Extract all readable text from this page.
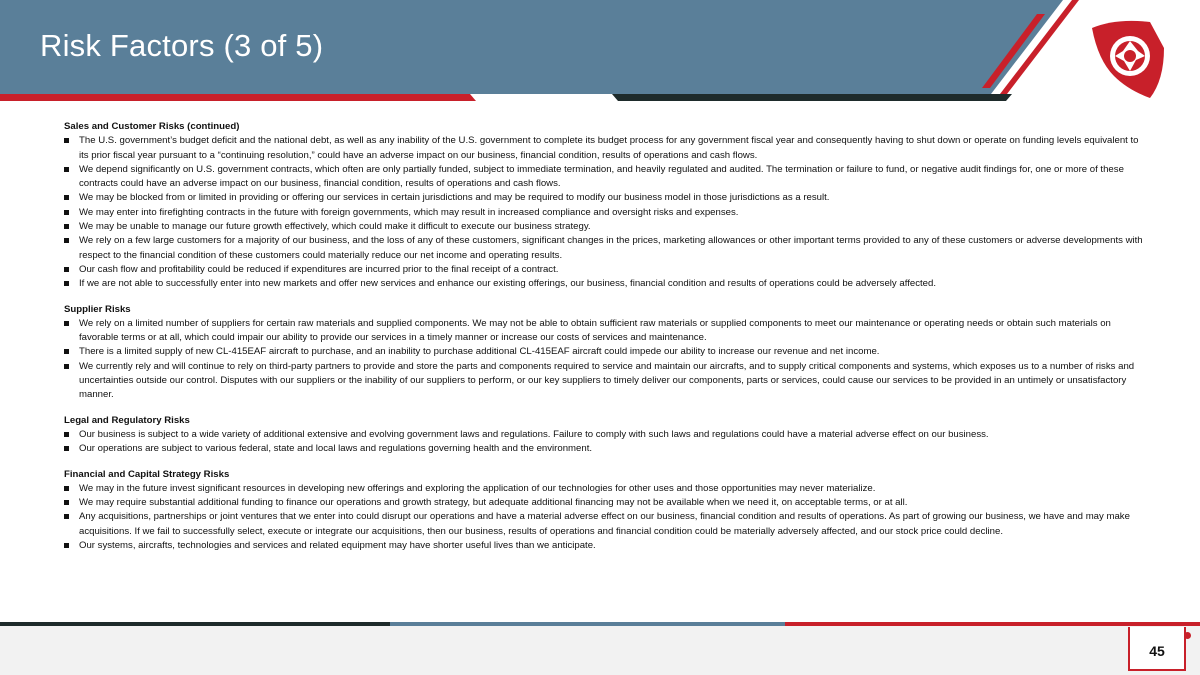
Risk Factors (3 of 5)

Sales and Customer Risks (continued)

The U.S. government’s budget deficit and the national debt, as well as any inability of the U.S. government to complete its budget process for any government fiscal year and consequently having to shut down or operate on funding levels equivalent to its prior fiscal year pursuant to a “continuing resolution,” could have an adverse impact on our business, financial condition, results of operations and cash flows.
We depend significantly on U.S. government contracts, which often are only partially funded, subject to immediate termination, and heavily regulated and audited. The termination or failure to fund, or negative audit findings for, one or more of these contracts could have an adverse impact on our business, financial condition, results of operations and cash flows.
We may be blocked from or limited in providing or offering our services in certain jurisdictions and may be required to modify our business model in those jurisdictions as a result.
We may enter into firefighting contracts in the future with foreign governments, which may result in increased compliance and oversight risks and expenses.
We may be unable to manage our future growth effectively, which could make it difficult to execute our business strategy.
We rely on a few large customers for a majority of our business, and the loss of any of these customers, significant changes in the prices, marketing allowances or other important terms provided to any of these customers or adverse developments with respect to the financial condition of these customers could materially reduce our net income and operating results.
Our cash flow and profitability could be reduced if expenditures are incurred prior to the final receipt of a contract.
If we are not able to successfully enter into new markets and offer new services and enhance our existing offerings, our business, financial condition and results of operations could be adversely affected.

Supplier Risks

We rely on a limited number of suppliers for certain raw materials and supplied components. We may not be able to obtain sufficient raw materials or supplied components to meet our maintenance or operating needs or obtain such materials on favorable terms or at all, which could impair our ability to provide our services in a timely manner or increase our costs of services and maintenance.
There is a limited supply of new CL-415EAF aircraft to purchase, and an inability to purchase additional CL-415EAF aircraft could impede our ability to increase our revenue and net income.
We currently rely and will continue to rely on third-party partners to provide and store the parts and components required to service and maintain our aircrafts, and to supply critical components and systems, which exposes us to a number of risks and uncertainties outside our control. Disputes with our suppliers or the inability of our suppliers to perform, or our key suppliers to timely deliver our components, parts or services, could cause our services to be provided in an untimely or unsatisfactory manner.

Legal and Regulatory Risks

Our business is subject to a wide variety of additional extensive and evolving government laws and regulations. Failure to comply with such laws and regulations could have a material adverse effect on our business.
Our operations are subject to various federal, state and local laws and regulations governing health and the environment.

Financial and Capital Strategy Risks

We may in the future invest significant resources in developing new offerings and exploring the application of our technologies for other uses and those opportunities may never materialize.
We may require substantial additional funding to finance our operations and growth strategy, but adequate additional financing may not be available when we need it, on acceptable terms, or at all.
Any acquisitions, partnerships or joint ventures that we enter into could disrupt our operations and have a material adverse effect on our business, financial condition and results of operations. As part of growing our business, we have and may make acquisitions. If we fail to successfully select, execute or integrate our acquisitions, then our business, results of operations and financial condition could be materially adversely affected, and our stock price could decline.
Our systems, aircrafts, technologies and services and related equipment may have shorter useful lives than we anticipate.
45
